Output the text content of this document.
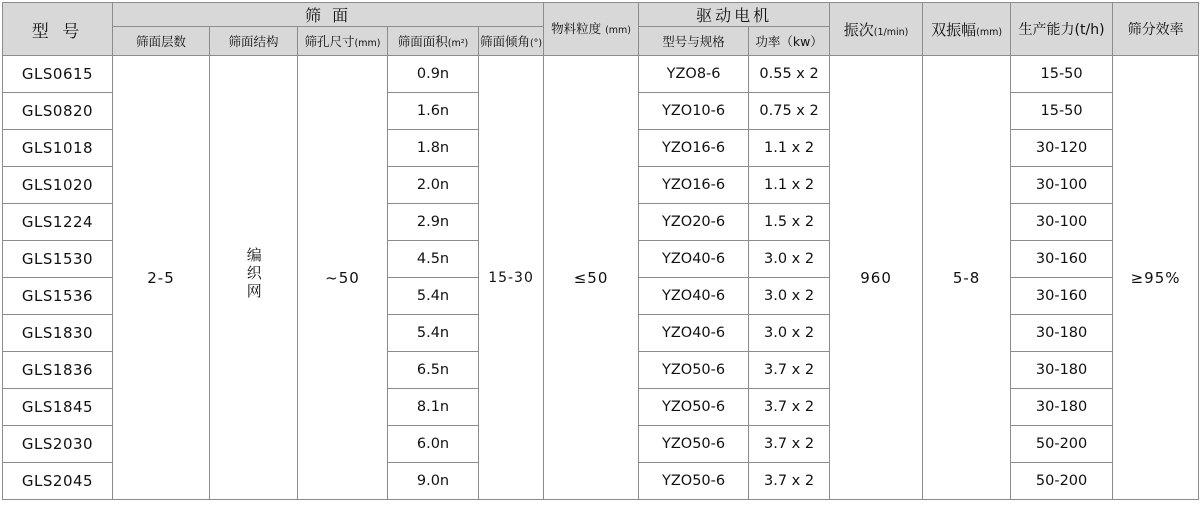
型 号	筛 面					物料粒度 (mm)	驱动电机		振次(1/min)	双振幅(mm)	生产能力(t/h)	筛分效率
	筛面层数	筛面结构	筛孔尺寸(mm)	筛面面积(m²)	筛面倾角(°)		型号与规格	功率（kw）				
GLS0615	2-5	编织网	~50	0.9n	15-30	≤50	YZO8-6	0.55 x 2	960	5-8	15-50	≥95%
GLS0820				1.6n			YZO10-6	0.75 x 2			15-50	
GLS1018				1.8n			YZO16-6	1.1 x 2			30-120	
GLS1020				2.0n			YZO16-6	1.1 x 2			30-100	
GLS1224				2.9n			YZO20-6	1.5 x 2			30-100	
GLS1530				4.5n			YZO40-6	3.0 x 2			30-160	
GLS1536				5.4n			YZO40-6	3.0 x 2			30-160	
GLS1830				5.4n			YZO40-6	3.0 x 2			30-180	
GLS1836				6.5n			YZO50-6	3.7 x 2			30-180	
GLS1845				8.1n			YZO50-6	3.7 x 2			30-180	
GLS2030				6.0n			YZO50-6	3.7 x 2			50-200	
GLS2045				9.0n			YZO50-6	3.7 x 2			50-200	
